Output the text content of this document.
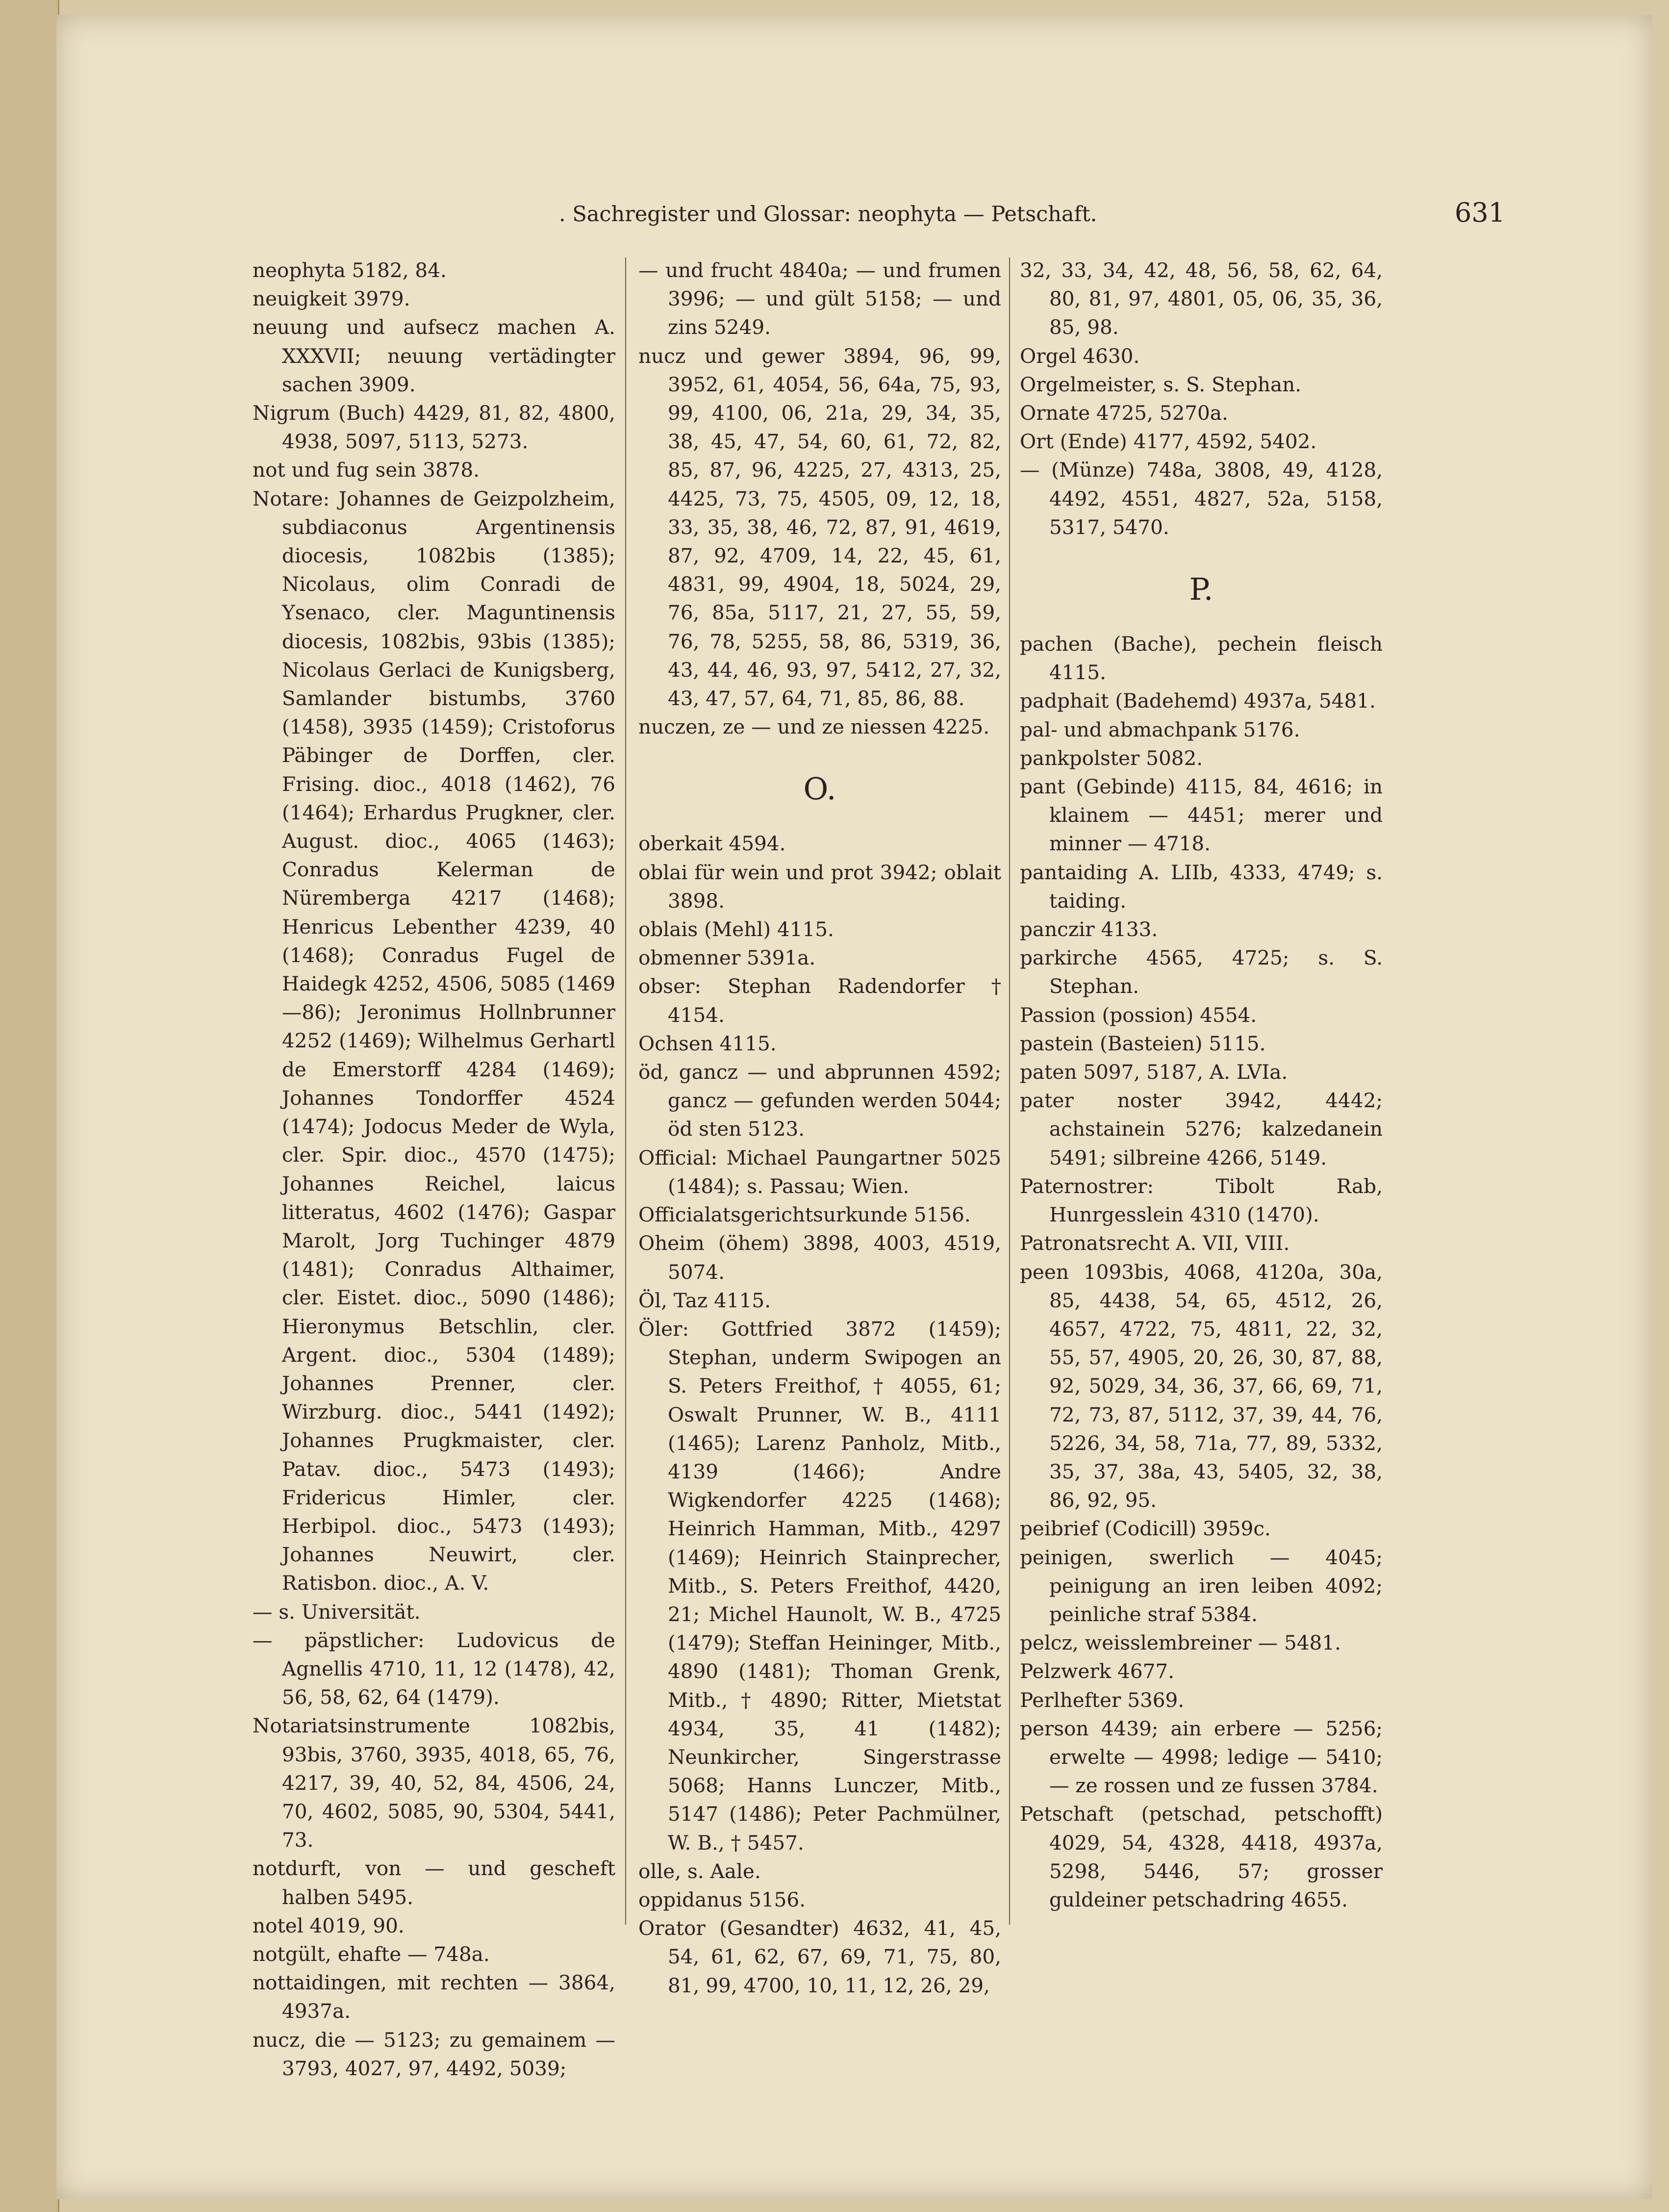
. Sachregister und Glossar: neophyta — Petschaft.	631

neophyta 5182, 84.

neuigkeit 3979.

neuung und aufsecz machen A. XXXVII; neuung vertädingter sachen 3909.

Nigrum (Buch) 4429, 81, 82, 4800, 4938, 5097, 5113, 5273.

not und fug sein 3878.

Notare: Johannes de Geizpolzheim, subdiaconus Argentinensis diocesis, 1082bis (1385); Nicolaus, olim Conradi de Ysenaco, cler. Maguntinensis diocesis, 1082bis, 93bis (1385); Nicolaus Gerlaci de Kunigsberg, Samlander bistumbs, 3760 (1458), 3935 (1459); Cristoforus Päbinger de Dorffen, cler. Frising. dioc., 4018 (1462), 76 (1464); Erhardus Prugkner, cler. August. dioc., 4065 (1463); Conradus Kelerman de Nüremberga 4217 (1468); Henricus Lebenther 4239, 40 (1468); Conradus Fugel de Haidegk 4252, 4506, 5085 (1469—86); Jeronimus Hollnbrunner 4252 (1469); Wilhelmus Gerhartl de Emerstorff 4284 (1469); Johannes Tondorffer 4524 (1474); Jodocus Meder de Wyla, cler. Spir. dioc., 4570 (1475); Johannes Reichel, laicus litteratus, 4602 (1476); Gaspar Marolt, Jorg Tuchinger 4879 (1481); Conradus Althaimer, cler. Eistet. dioc., 5090 (1486); Hieronymus Betschlin, cler. Argent. dioc., 5304 (1489); Johannes Prenner, cler. Wirzburg. dioc., 5441 (1492); Johannes Prugkmaister, cler. Patav. dioc., 5473 (1493); Fridericus Himler, cler. Herbipol. dioc., 5473 (1493); Johannes Neuwirt, cler. Ratisbon. dioc., A. V.

— s. Universität.

— päpstlicher: Ludovicus de Agnellis 4710, 11, 12 (1478), 42, 56, 58, 62, 64 (1479).

Notariatsinstrumente 1082bis, 93bis, 3760, 3935, 4018, 65, 76, 4217, 39, 40, 52, 84, 4506, 24, 70, 4602, 5085, 90, 5304, 5441, 73.

notdurft, von — und gescheft halben 5495.

notel 4019, 90.

notgült, ehafte — 748a.

nottaidingen, mit rechten — 3864, 4937a.

nucz, die — 5123; zu gemainem — 3793, 4027, 97, 4492, 5039;

— und frucht 4840a; — und frumen 3996; — und gült 5158; — und zins 5249.

nucz und gewer 3894, 96, 99, 3952, 61, 4054, 56, 64a, 75, 93, 99, 4100, 06, 21a, 29, 34, 35, 38, 45, 47, 54, 60, 61, 72, 82, 85, 87, 96, 4225, 27, 4313, 25, 4425, 73, 75, 4505, 09, 12, 18, 33, 35, 38, 46, 72, 87, 91, 4619, 87, 92, 4709, 14, 22, 45, 61, 4831, 99, 4904, 18, 5024, 29, 76, 85a, 5117, 21, 27, 55, 59, 76, 78, 5255, 58, 86, 5319, 36, 43, 44, 46, 93, 97, 5412, 27, 32, 43, 47, 57, 64, 71, 85, 86, 88.

nuczen, ze — und ze niessen 4225.

O.

oberkait 4594.

oblai für wein und prot 3942; oblait 3898.

oblais (Mehl) 4115.

obmenner 5391a.

obser: Stephan Radendorfer † 4154.

Ochsen 4115.

öd, gancz — und abprunnen 4592; gancz — gefunden werden 5044; öd sten 5123.

Official: Michael Paungartner 5025 (1484); s. Passau; Wien.

Officialatsgerichtsurkunde 5156.

Oheim (öhem) 3898, 4003, 4519, 5074.

Öl, Taz 4115.

Öler: Gottfried 3872 (1459); Stephan, underm Swipogen an S. Peters Freithof, † 4055, 61; Oswalt Prunner, W. B., 4111 (1465); Larenz Panholz, Mitb., 4139 (1466); Andre Wigkendorfer 4225 (1468); Heinrich Hamman, Mitb., 4297 (1469); Heinrich Stainprecher, Mitb., S. Peters Freithof, 4420, 21; Michel Haunolt, W. B., 4725 (1479); Steffan Heininger, Mitb., 4890 (1481); Thoman Grenk, Mitb., † 4890; Ritter, Mietstat 4934, 35, 41 (1482); Neunkircher, Singerstrasse 5068; Hanns Lunczer, Mitb., 5147 (1486); Peter Pachmülner, W. B., † 5457.

olle, s. Aale.

oppidanus 5156.

Orator (Gesandter) 4632, 41, 45, 54, 61, 62, 67, 69, 71, 75, 80, 81, 99, 4700, 10, 11, 12, 26, 29,

32, 33, 34, 42, 48, 56, 58, 62, 64, 80, 81, 97, 4801, 05, 06, 35, 36, 85, 98.

Orgel 4630.

Orgelmeister, s. S. Stephan.

Ornate 4725, 5270a.

Ort (Ende) 4177, 4592, 5402.

— (Münze) 748a, 3808, 49, 4128, 4492, 4551, 4827, 52a, 5158, 5317, 5470.

P.

pachen (Bache), pechein fleisch 4115.

padphait (Badehemd) 4937a, 5481.

pal- und abmachpank 5176.

pankpolster 5082.

pant (Gebinde) 4115, 84, 4616; in klainem — 4451; merer und minner — 4718.

pantaiding A. LIIb, 4333, 4749; s. taiding.

panczir 4133.

parkirche 4565, 4725; s. S. Stephan.

Passion (possion) 4554.

pastein (Basteien) 5115.

paten 5097, 5187, A. LVIa.

pater noster 3942, 4442; achstainein 5276; kalzedanein 5491; silbreine 4266, 5149.

Paternostrer: Tibolt Rab, Hunrgesslein 4310 (1470).

Patronatsrecht A. VII, VIII.

peen 1093bis, 4068, 4120a, 30a, 85, 4438, 54, 65, 4512, 26, 4657, 4722, 75, 4811, 22, 32, 55, 57, 4905, 20, 26, 30, 87, 88, 92, 5029, 34, 36, 37, 66, 69, 71, 72, 73, 87, 5112, 37, 39, 44, 76, 5226, 34, 58, 71a, 77, 89, 5332, 35, 37, 38a, 43, 5405, 32, 38, 86, 92, 95.

peibrief (Codicill) 3959c.

peinigen, swerlich — 4045; peinigung an iren leiben 4092; peinliche straf 5384.

pelcz, weisslembreiner — 5481.

Pelzwerk 4677.

Perlhefter 5369.

person 4439; ain erbere — 5256; erwelte — 4998; ledige — 5410; — ze rossen und ze fussen 3784.

Petschaft (petschad, petschofft) 4029, 54, 4328, 4418, 4937a, 5298, 5446, 57; grosser guldeiner petschadring 4655.
